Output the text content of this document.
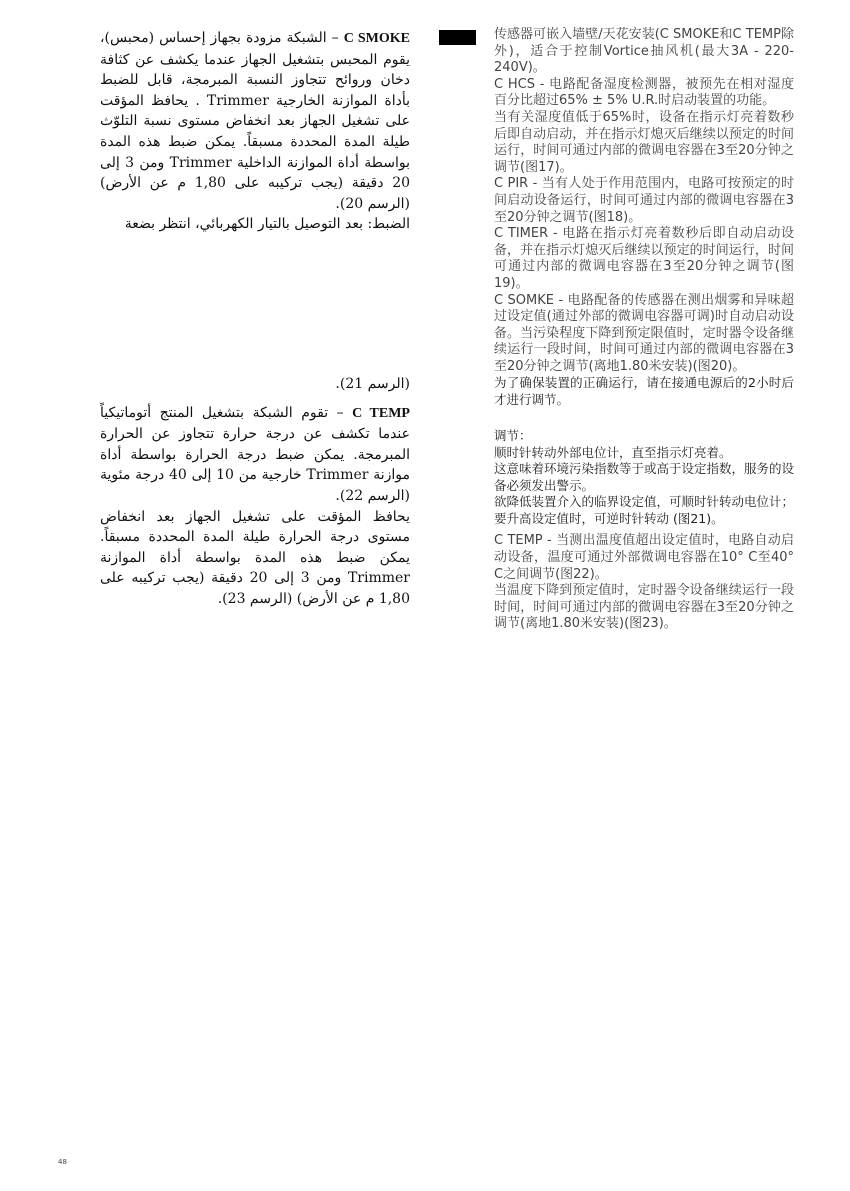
C SMOKE – الشبكة مزودة بجهاز إحساس (محبس)، يقوم المحبس بتشغيل الجهاز عندما يكشف عن كثافة دخان وروائح تتجاوز النسبة المبرمجة، قابل للضبط بأداة الموازنة الخارجية Trimmer . يحافظ المؤقت على تشغيل الجهاز بعد انخفاض مستوى نسبة التلوّث طيلة المدة المحددة مسبقاً. يمكن ضبط هذه المدة بواسطة أداة الموازنة الداخلية Trimmer ومن 3 إلى 20 دقيقة (يجب تركيبه على 1,80 م عن الأرض) (الرسم 20).

الضبط: بعد التوصيل بالتيار الكهربائي، انتظر بضعة

(الرسم 21).

C TEMP – تقوم الشبكة بتشغيل المنتج أتوماتيكياً عندما تكشف عن درجة حرارة تتجاوز عن الحرارة المبرمجة. يمكن ضبط درجة الحرارة بواسطة أداة موازنة Trimmer خارجية من 10 إلى 40 درجة مئوية (الرسم 22).

يحافظ المؤقت على تشغيل الجهاز بعد انخفاض مستوى درجة الحرارة طيلة المدة المحددة مسبقاً. يمكن ضبط هذه المدة بواسطة أداة الموازنة Trimmer ومن 3 إلى 20 دقيقة (يجب تركيبه على 1,80 م عن الأرض) (الرسم 23).

传感器可嵌入墙壁/天花安装(C SMOKE和C TEMP除外)，适合于控制Vortice抽风机(最大3A - 220-240V)。

C HCS - 电路配备湿度检测器，被预先在相对湿度百分比超过65% ± 5% U.R.时启动装置的功能。

当有关湿度值低于65%时，设备在指示灯亮着数秒后即自动启动，并在指示灯熄灭后继续以预定的时间运行，时间可通过内部的微调电容器在3至20分钟之调节(图17)。

C PIR - 当有人处于作用范围内，电路可按预定的时间启动设备运行，时间可通过内部的微调电容器在3至20分钟之调节(图18)。

C TIMER - 电路在指示灯亮着数秒后即自动启动设备，并在指示灯熄灭后继续以预定的时间运行，时间可通过内部的微调电容器在3至20分钟之调节(图19)。

C SOMKE - 电路配备的传感器在测出烟雾和异味超过设定值(通过外部的微调电容器可调)时自动启动设备。当污染程度下降到预定限值时，定时器令设备继续运行一段时间，时间可通过内部的微调电容器在3至20分钟之调节(离地1.80米安装)(图20)。

为了确保装置的正确运行，请在接通电源后的2小时后才进行调节。

调节：

顺时针转动外部电位计，直至指示灯亮着。

这意味着环境污染指数等于或高于设定指数，服务的设备必须发出警示。

欲降低装置介入的临界设定值，可顺时针转动电位计；

要升高设定值时，可逆时针转动 (图21)。

C TEMP - 当测出温度值超出设定值时，电路自动启动设备，温度可通过外部微调电容器在10° C至40° C之间调节(图22)。

当温度下降到预定值时，定时器令设备继续运行一段时间，时间可通过内部的微调电容器在3至20分钟之调节(离地1.80米安装)(图23)。

48
